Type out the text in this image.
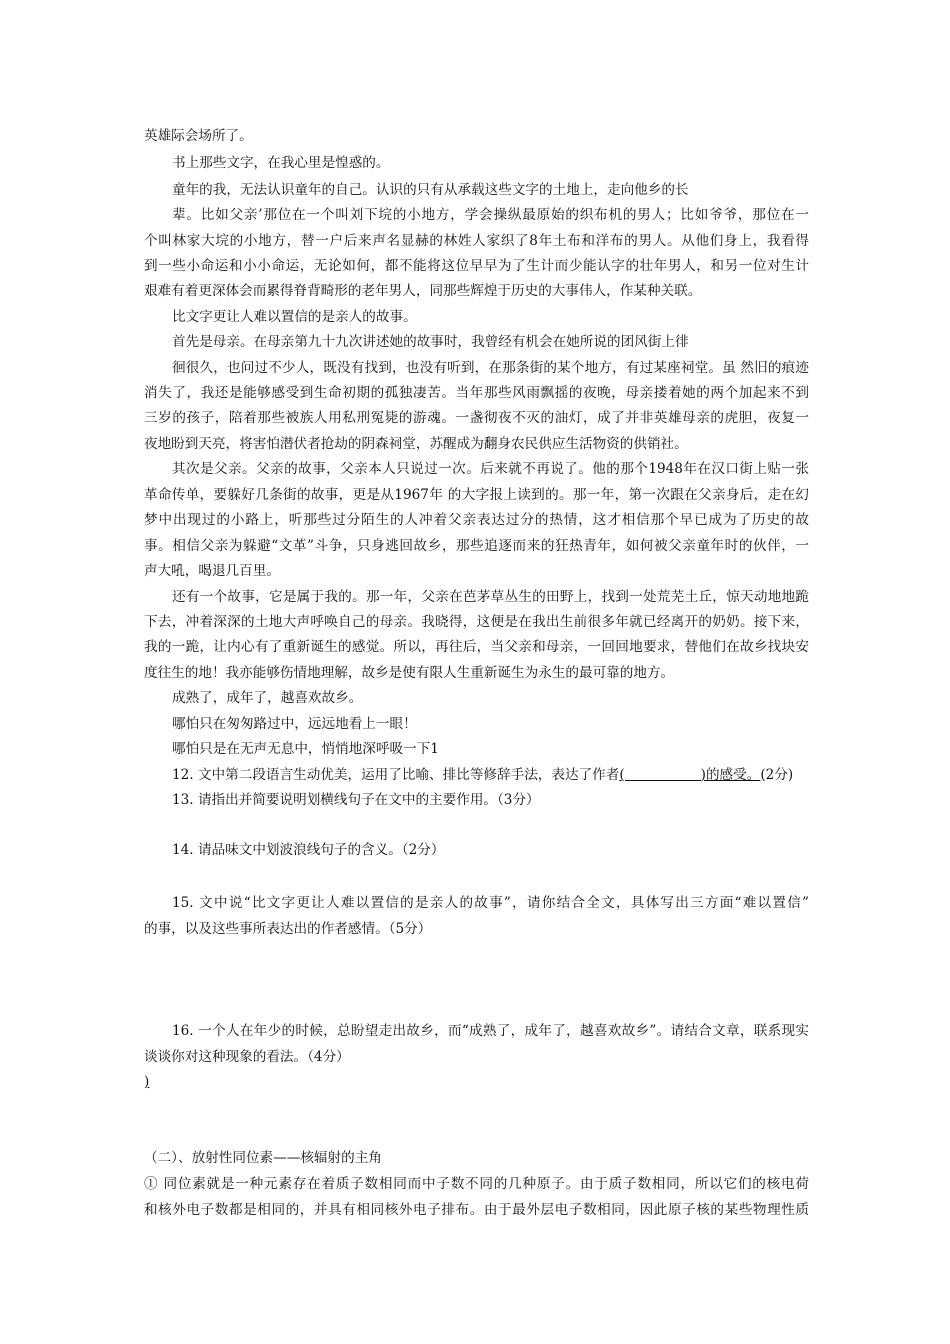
英雄际会场所了。
书上那些文字，在我心里是惶惑的。
童年的我，无法认识童年的自己。认识的只有从承载这些文字的土地上，走向他乡的长
辈。比如父亲’那位在一个叫刘下垸的小地方，学会操纵最原始的织布机的男人；比如爷爷，那位在一
个叫林家大垸的小地方，替一户后来声名显赫的林姓人家织了8年土布和洋布的男人。从他们身上，我看得
到一些小命运和小小命运，无论如何，都不能将这位早早为了生计而少能认字的壮年男人，和另一位对生计
艰难有着更深体会而累得脊背畸形的老年男人，同那些辉煌于历史的大事伟人，作某种关联。
比文字更让人难以置信的是亲人的故事。
首先是母亲。在母亲第九十九次讲述她的故事时，我曾经有机会在她所说的团风街上徘
徊很久，也问过不少人，既没有找到，也没有听到，在那条街的某个地方，有过某座祠堂。虽 然旧的痕迹
消失了，我还是能够感受到生命初期的孤独凄苦。当年那些风雨飘摇的夜晚，母亲搂着她的两个加起来不到
三岁的孩子，陪着那些被族人用私刑冤毙的游魂。一盏彻夜不灭的油灯，成了并非英雄母亲的虎胆，夜复一
夜地盼到天亮，将害怕潜伏者抢劫的阴森祠堂，苏醒成为翻身农民供应生活物资的供销社。
其次是父亲。父亲的故事，父亲本人只说过一次。后来就不再说了。他的那个1948年在汉口街上贴一张
革命传单，要躲好几条街的故事，更是从1967年 的大字报上读到的。那一年，第一次跟在父亲身后，走在幻
梦中出现过的小路上，听那些过分陌生的人冲着父亲表达过分的热情，这才相信那个早已成为了历史的故
事。相信父亲为躲避“文革”斗争，只身逃回故乡，那些追逐而来的狂热青年，如何被父亲童年时的伙伴，一
声大吼，喝退几百里。
还有一个故事，它是属于我的。那一年，父亲在芭茅草丛生的田野上，找到一处荒芜土丘，惊天动地地跪
下去，冲着深深的土地大声呼唤自己的母亲。我晓得，这便是在我出生前很多年就已经离开的奶奶。接下来，
我的一跪，让内心有了重新诞生的感觉。所以，再往后，当父亲和母亲，一回回地要求，替他们在故乡找块安
度往生的地！我亦能够伤情地理解，故乡是使有限人生重新诞生为永生的最可靠的地方。
成熟了，成年了，越喜欢故乡。
哪怕只在匆匆路过中，远远地看上一眼！
哪怕只是在无声无息中，悄悄地深呼吸一下1
12. 文中第二段语言生动优美，运用了比喻、排比等修辞手法，表达了作者(	)的感受。(2分)
13. 请指出并简要说明划横线句子在文中的主要作用。（3分）
14. 请品味文中划波浪线句子的含义。（2分）
15. 文中说“比文字更让人难以置信的是亲人的故事”，请你结合全文，具体写出三方面“难以置信”
的事，以及这些事所表达出的作者感情。（5分）
16. 一个人在年少的时候，总盼望走出故乡，而“成熟了，成年了，越喜欢故乡”。请结合文章，联系现实
谈谈你对这种现象的看法。（4分）
)
（二）、放射性同位素——核辐射的主角
① 同位素就是一种元素存在着质子数相同而中子数不同的几种原子。由于质子数相同，所以它们的核电荷
和核外电子数都是相同的，并具有相同核外电子排布。由于最外层电子数相同，因此原子核的某些物理性质
